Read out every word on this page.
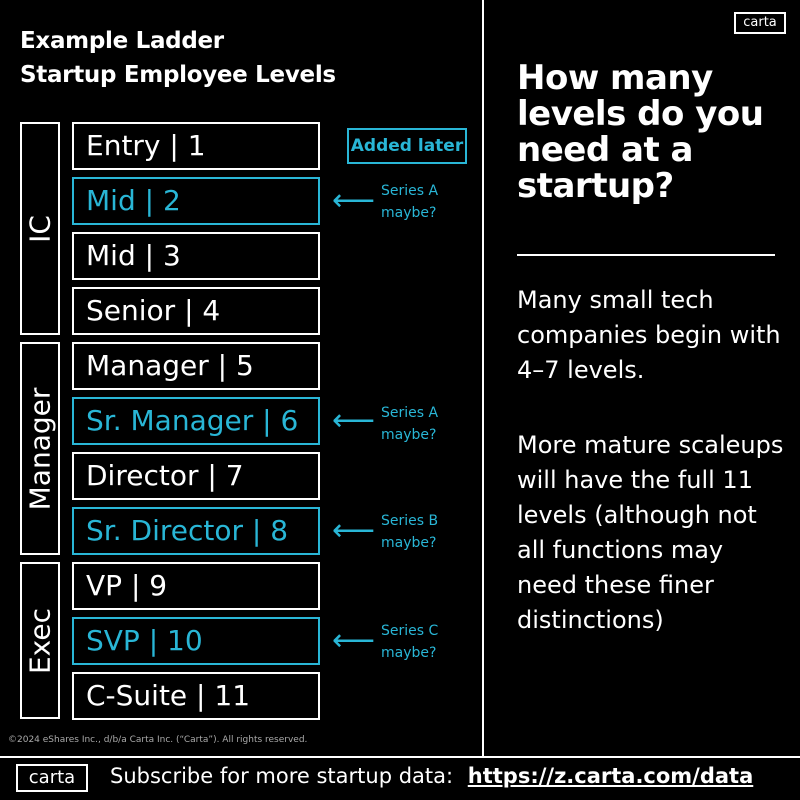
Example Ladder
Startup Employee Levels
IC
Manager
Exec
Entry | 1
Mid | 2
Mid | 3
Senior | 4
Manager | 5
Sr. Manager | 6
Director | 7
Sr. Director | 8
VP | 9
SVP | 10
C-Suite | 11
Added later
⟵ Series A
maybe?
⟵ Series A
maybe?
⟵ Series B
maybe?
⟵ Series C
maybe?
carta
How many levels do you need at a startup?
Many small tech companies begin with 4–7 levels.
More mature scaleups will have the full 11 levels (although not all functions may need these finer distinctions)
©2024 eShares Inc., d/b/a Carta Inc. (“Carta”). All rights reserved.
carta	Subscribe for more startup data: https://z.carta.com/data
